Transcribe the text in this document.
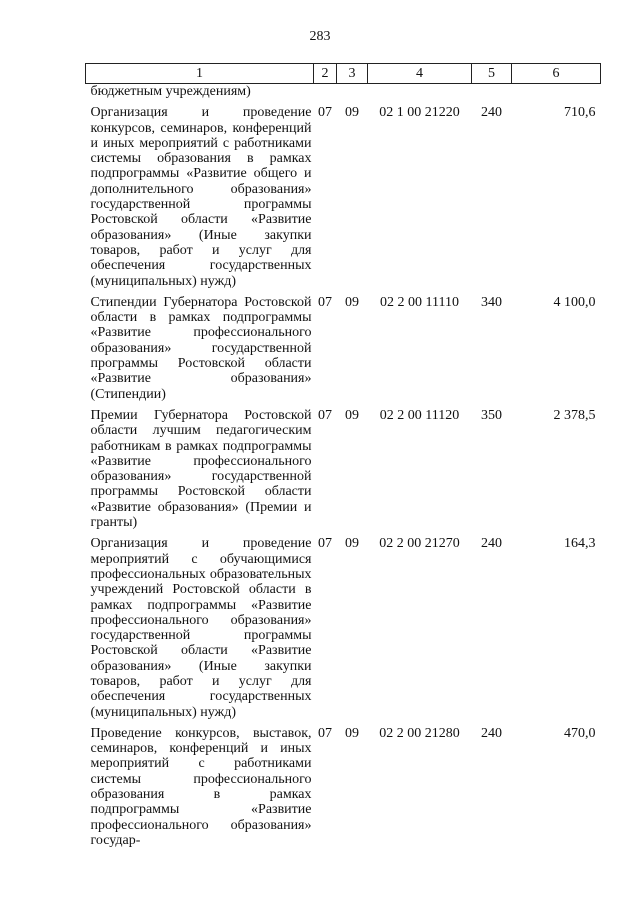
283
1	2	3	4	5	6
бюджетным учреждениям)					
Организация и проведение конкурсов, семинаров, конференций и иных мероприятий с работниками системы образования в рамках подпрограммы «Развитие общего и дополнительного образования» государственной программы Ростовской области «Развитие образования» (Иные закупки товаров, работ и услуг для обеспечения государственных (муниципальных) нужд)	07	09	02 1 00 21220	240	710,6
Стипендии Губернатора Ростовской области в рамках подпрограммы «Развитие профессионального образования» государственной программы Ростовской области «Развитие образования» (Стипендии)	07	09	02 2 00 11110	340	4 100,0
Премии Губернатора Ростовской области лучшим педагогическим работникам в рамках подпрограммы «Развитие профессионального образования» государственной программы Ростовской области «Развитие образования» (Премии и гранты)	07	09	02 2 00 11120	350	2 378,5
Организация и проведение мероприятий с обучающимися профессиональных образовательных учреждений Ростовской области в рамках подпрограммы «Развитие профессионального образования» государственной программы Ростовской области «Развитие образования» (Иные закупки товаров, работ и услуг для обеспечения государственных (муниципальных) нужд)	07	09	02 2 00 21270	240	164,3
Проведение конкурсов, выставок, семинаров, конференций и иных мероприятий с работниками системы профессионального образования в рамках подпрограммы «Развитие профессионального образования» государ-	07	09	02 2 00 21280	240	470,0
